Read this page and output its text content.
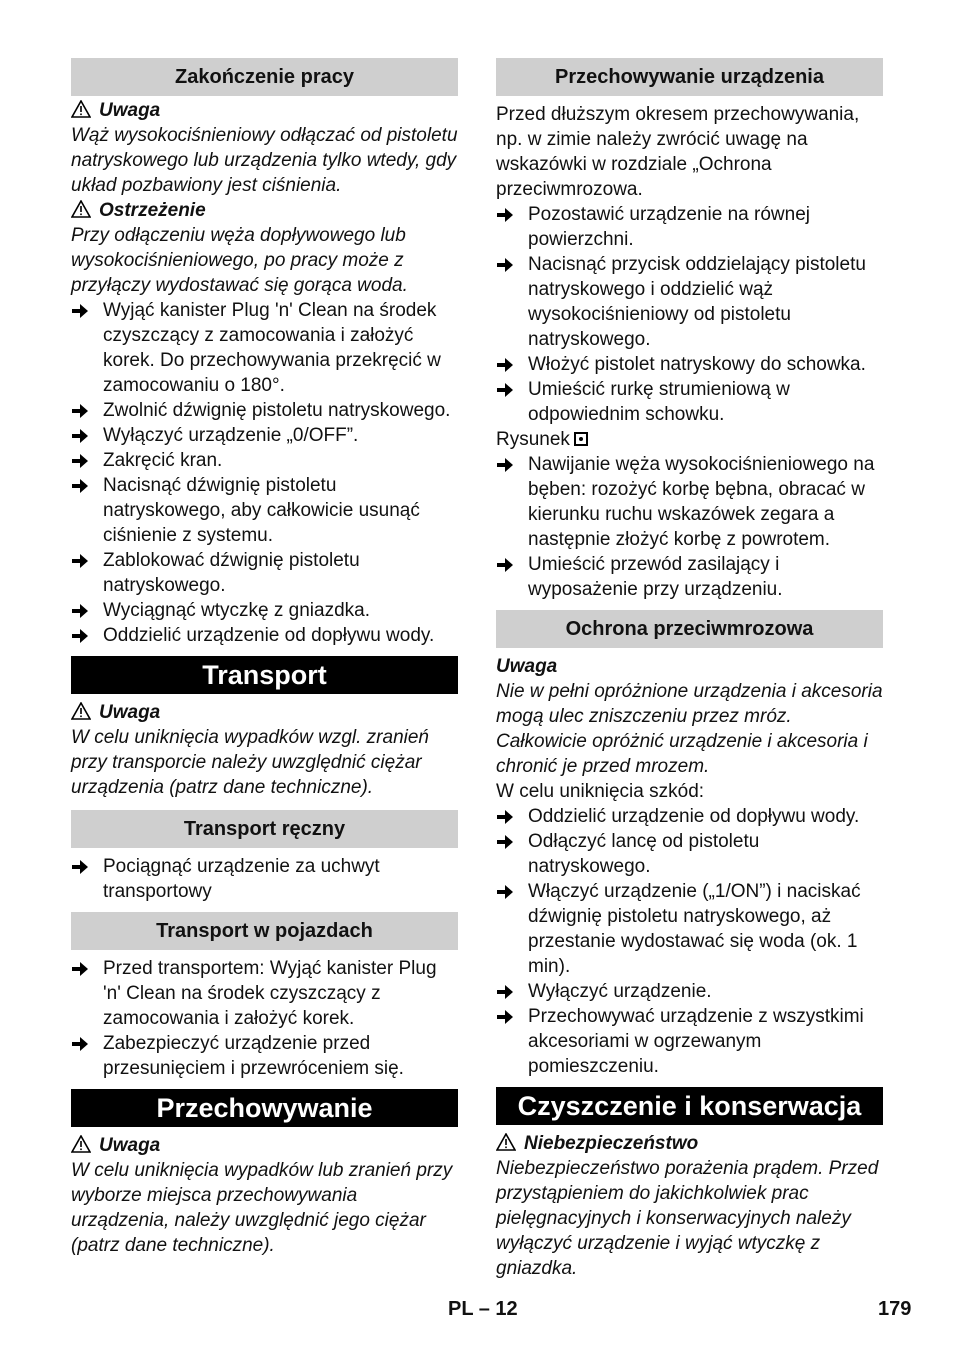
Zakończenie pracy
Uwaga

Wąż wysokociśnieniowy odłączać od pistoletu natryskowego lub urządzenia tylko wtedy, gdy układ pozbawiony jest ciśnienia.

Ostrzeżenie

Przy odłączeniu węża dopływowego lub wysokociśnieniowego, po pracy może z przyłączy wydostawać się gorąca woda.

Wyjąć kanister Plug 'n' Clean na środek czyszczący z zamocowania i założyć korek. Do przechowywania przekręcić w zamocowaniu o 180°.
Zwolnić dźwignię pistoletu natryskowego.
Wyłączyć urządzenie „0/OFF”.
Zakręcić kran.
Nacisnąć dźwignię pistoletu natryskowego, aby całkowicie usunąć ciśnienie z systemu.
Zablokować dźwignię pistoletu natryskowego.
Wyciągnąć wtyczkę z gniazdka.
Oddzielić urządzenie od dopływu wody.
Transport
Uwaga

W celu uniknięcia wypadków wzgl. zranień przy transporcie należy uwzględnić ciężar urządzenia (patrz dane techniczne).

Transport ręczny
Pociągnąć urządzenie za uchwyt transportowy
Transport w pojazdach
Przed transportem: Wyjąć kanister Plug 'n' Clean na środek czyszczący z zamocowania i założyć korek.
Zabezpieczyć urządzenie przed przesunięciem i przewróceniem się.
Przechowywanie
Uwaga

W celu uniknięcia wypadków lub zranień przy wyborze miejsca przechowywania urządzenia, należy uwzględnić jego ciężar (patrz dane techniczne).

Przechowywanie urządzenia

Przed dłuższym okresem przechowywania, np. w zimie należy zwrócić uwagę na wskazówki w rozdziale „Ochrona przeciwmrozowa.

Pozostawić urządzenie na równej powierzchni.
Nacisnąć przycisk oddzielający pistoletu natryskowego i oddzielić wąż wysokociśnieniowy od pistoletu natryskowego.
Włożyć pistolet natryskowy do schowka.
Umieścić rurkę strumieniową w odpowiednim schowku.

Rysunek

Nawijanie węża wysokociśnieniowego na bęben: rozożyć korbę bębna, obracać w kierunku ruchu wskazówek zegara a następnie złożyć korbę z powrotem.
Umieścić przewód zasilający i wyposażenie przy urządzeniu.
Ochrona przeciwmrozowa
Uwaga

Nie w pełni opróżnione urządzenia i akcesoria mogą ulec zniszczeniu przez mróz. Całkowicie opróżnić urządzenie i akcesoria i chronić je przed mrozem.

W celu uniknięcia szkód:

Oddzielić urządzenie od dopływu wody.
Odłączyć lancę od pistoletu natryskowego.
Włączyć urządzenie („1/ON”) i naciskać dźwignię pistoletu natryskowego, aż przestanie wydostawać się woda (ok. 1 min).
Wyłączyć urządzenie.
Przechowywać urządzenie z wszystkimi akcesoriami w ogrzewanym pomieszczeniu.
Czyszczenie i konserwacja
Niebezpieczeństwo

Niebezpieczeństwo porażenia prądem. Przed przystąpieniem do jakichkolwiek prac pielęgnacyjnych i konserwacyjnych należy wyłączyć urządzenie i wyjąć wtyczkę z gniazdka.

PL – 12	179
